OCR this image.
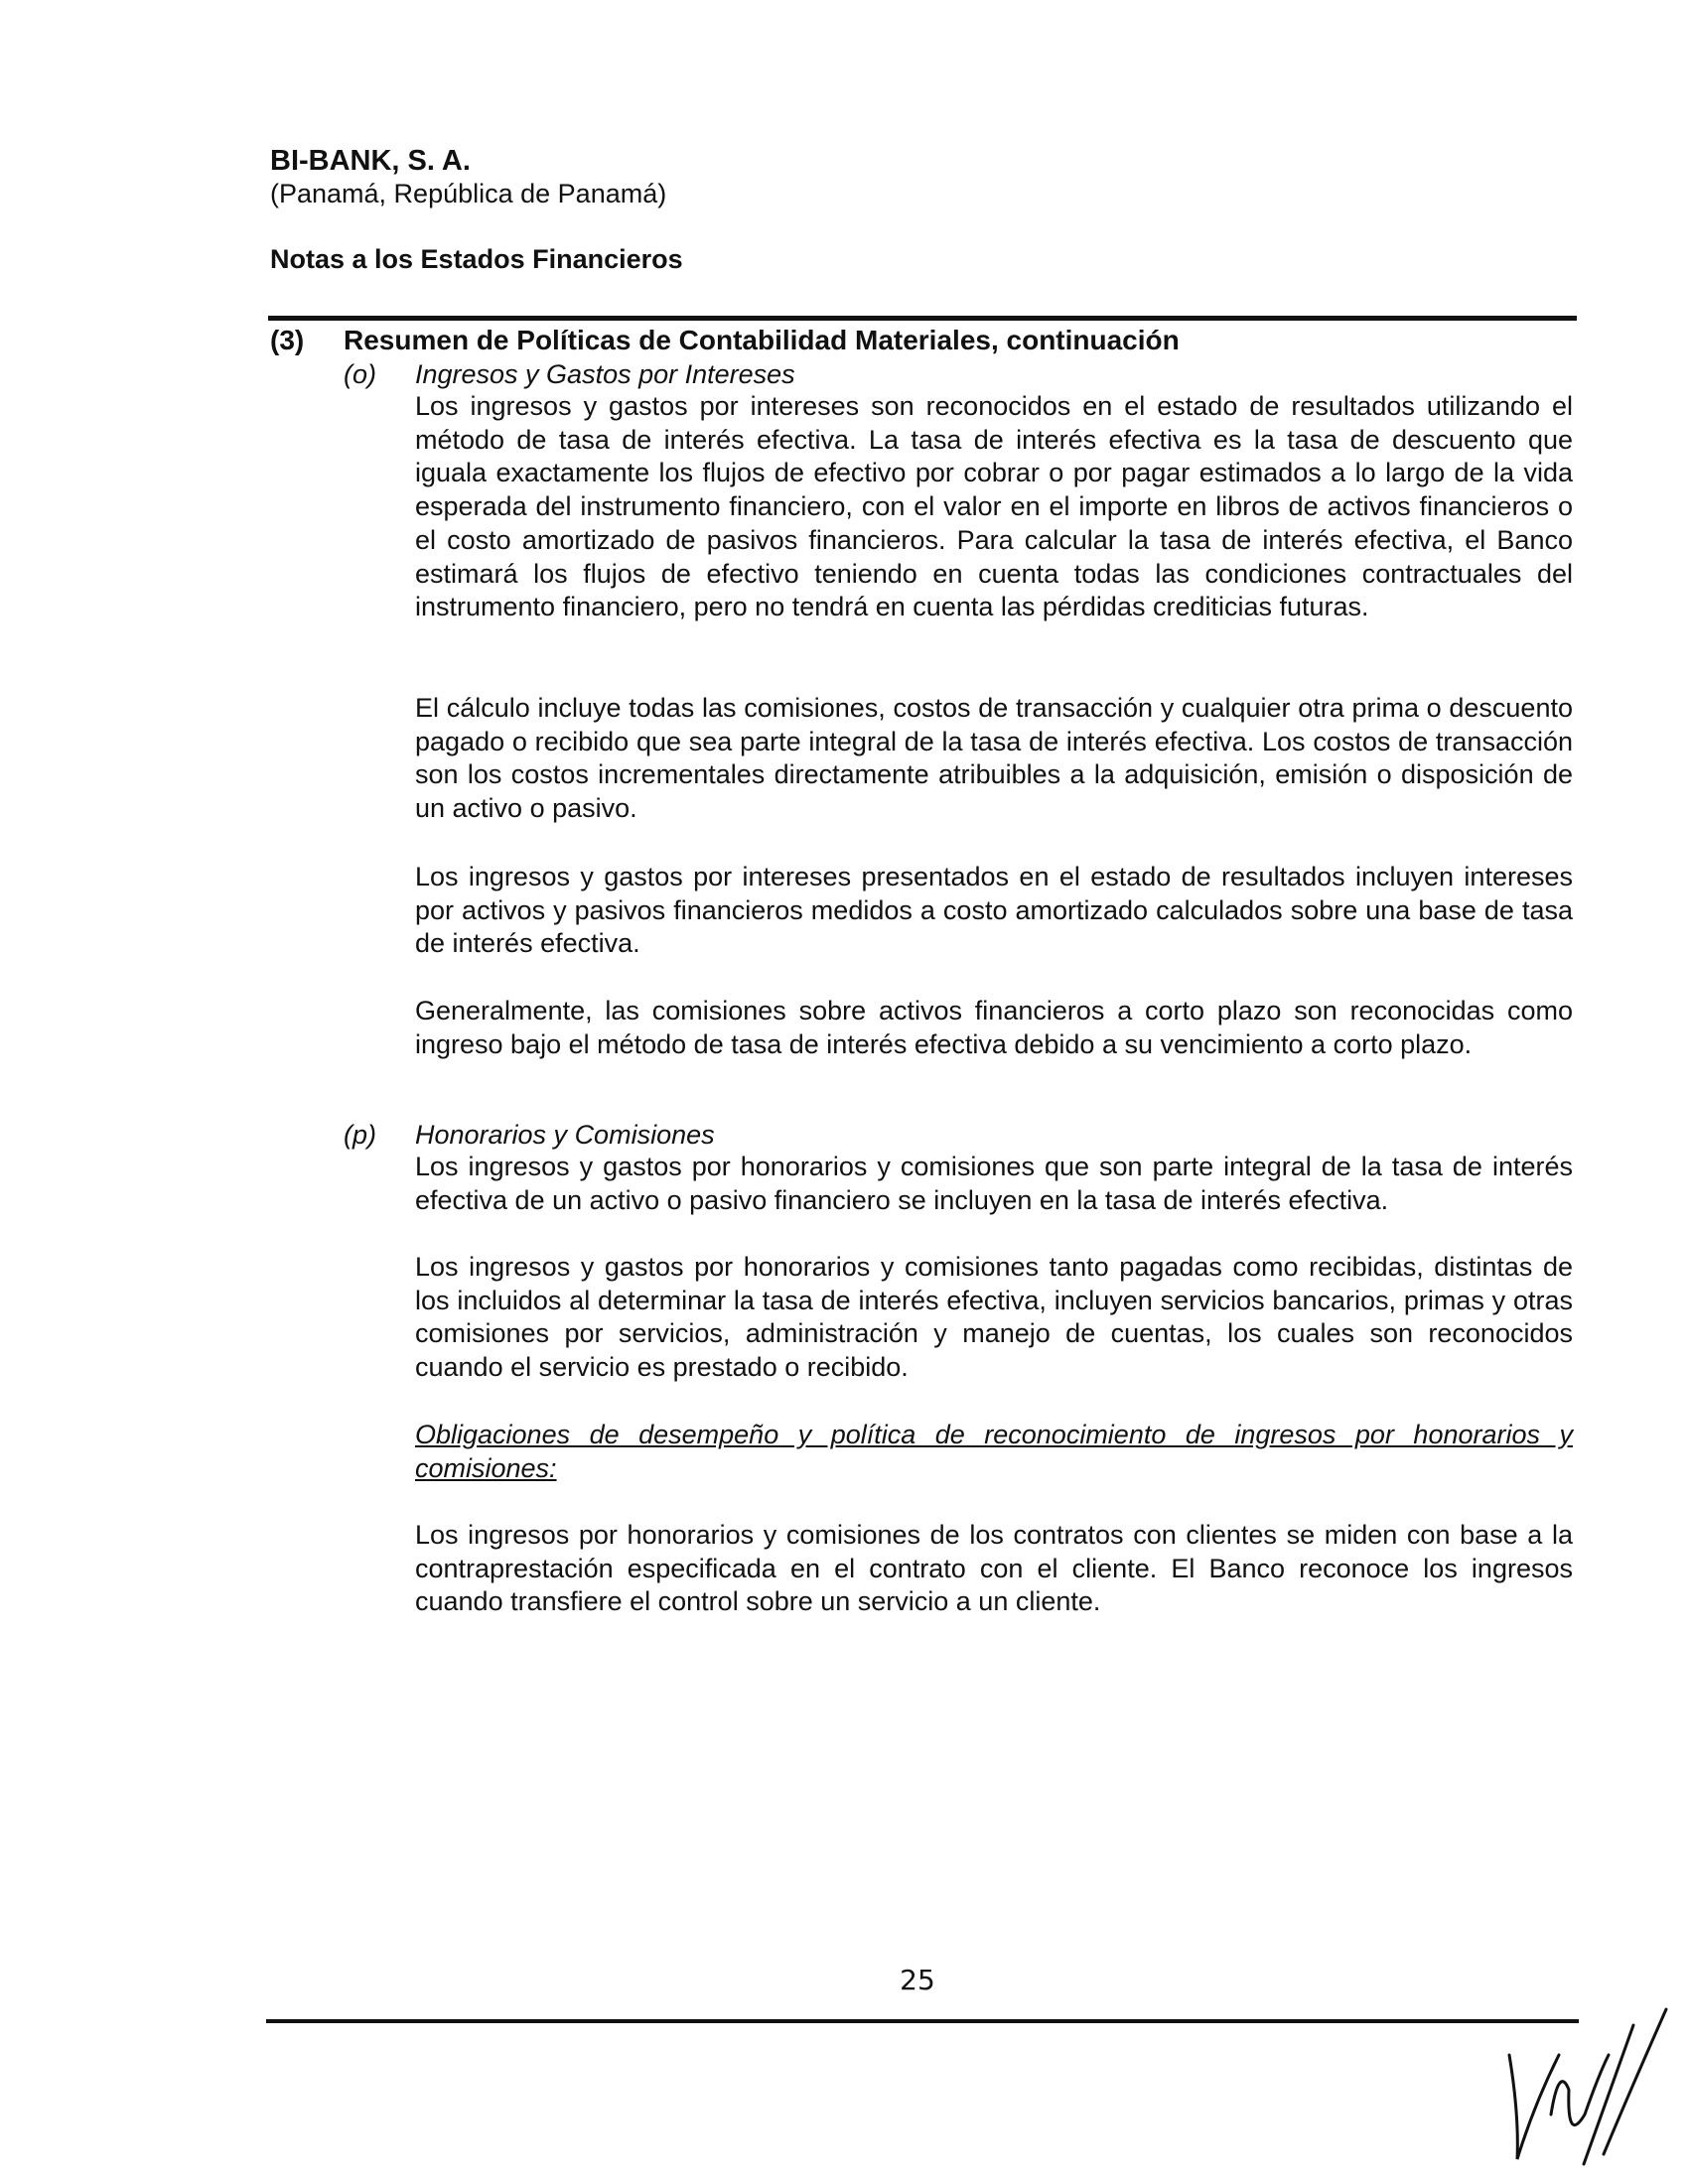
BI-BANK, S. A.
(Panamá, República de Panamá)
Notas a los Estados Financieros
(3) Resumen de Políticas de Contabilidad Materiales, continuación
(o) Ingresos y Gastos por Intereses

Los ingresos y gastos por intereses son reconocidos en el estado de resultados utilizando el método de tasa de interés efectiva. La tasa de interés efectiva es la tasa de descuento que iguala exactamente los flujos de efectivo por cobrar o por pagar estimados a lo largo de la vida esperada del instrumento financiero, con el valor en el importe en libros de activos financieros o el costo amortizado de pasivos financieros. Para calcular la tasa de interés efectiva, el Banco estimará los flujos de efectivo teniendo en cuenta todas las condiciones contractuales del instrumento financiero, pero no tendrá en cuenta las pérdidas crediticias futuras.

El cálculo incluye todas las comisiones, costos de transacción y cualquier otra prima o descuento pagado o recibido que sea parte integral de la tasa de interés efectiva. Los costos de transacción son los costos incrementales directamente atribuibles a la adquisición, emisión o disposición de un activo o pasivo.

Los ingresos y gastos por intereses presentados en el estado de resultados incluyen intereses por activos y pasivos financieros medidos a costo amortizado calculados sobre una base de tasa de interés efectiva.

Generalmente, las comisiones sobre activos financieros a corto plazo son reconocidas como ingreso bajo el método de tasa de interés efectiva debido a su vencimiento a corto plazo.

(p) Honorarios y Comisiones

Los ingresos y gastos por honorarios y comisiones que son parte integral de la tasa de interés efectiva de un activo o pasivo financiero se incluyen en la tasa de interés efectiva.

Los ingresos y gastos por honorarios y comisiones tanto pagadas como recibidas, distintas de los incluidos al determinar la tasa de interés efectiva, incluyen servicios bancarios, primas y otras comisiones por servicios, administración y manejo de cuentas, los cuales son reconocidos cuando el servicio es prestado o recibido.

Obligaciones de desempeño y política de reconocimiento de ingresos por honorarios y comisiones:

Los ingresos por honorarios y comisiones de los contratos con clientes se miden con base a la contraprestación especificada en el contrato con el cliente. El Banco reconoce los ingresos cuando transfiere el control sobre un servicio a un cliente.

25
